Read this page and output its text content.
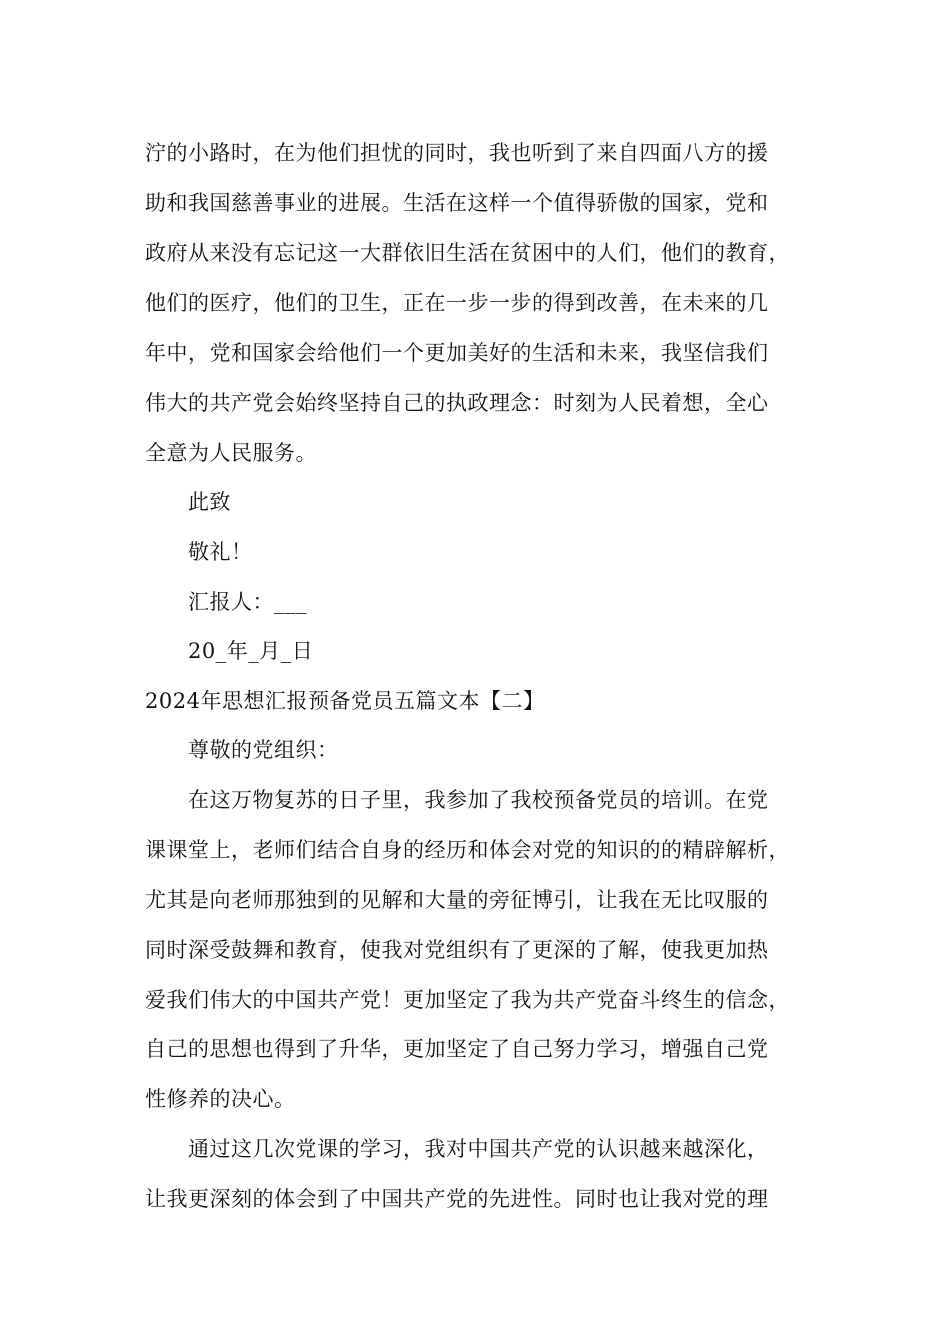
泞的小路时，在为他们担忧的同时，我也听到了来自四面八方的援
助和我国慈善事业的进展。生活在这样一个值得骄傲的国家，党和
政府从来没有忘记这一大群依旧生活在贫困中的人们，他们的教育，
他们的医疗，他们的卫生，正在一步一步的得到改善，在未来的几
年中，党和国家会给他们一个更加美好的生活和未来，我坚信我们
伟大的共产党会始终坚持自己的执政理念：时刻为人民着想，全心
全意为人民服务。
此致
敬礼！
汇报人：___
20_年_月_日
2024年思想汇报预备党员五篇文本【二】
尊敬的党组织：
在这万物复苏的日子里，我参加了我校预备党员的培训。在党
课课堂上，老师们结合自身的经历和体会对党的知识的的精辟解析，
尤其是向老师那独到的见解和大量的旁征博引，让我在无比叹服的
同时深受鼓舞和教育，使我对党组织有了更深的了解，使我更加热
爱我们伟大的中国共产党！更加坚定了我为共产党奋斗终生的信念，
自己的思想也得到了升华，更加坚定了自己努力学习，增强自己党
性修养的决心。
通过这几次党课的学习，我对中国共产党的认识越来越深化，
让我更深刻的体会到了中国共产党的先进性。同时也让我对党的理
